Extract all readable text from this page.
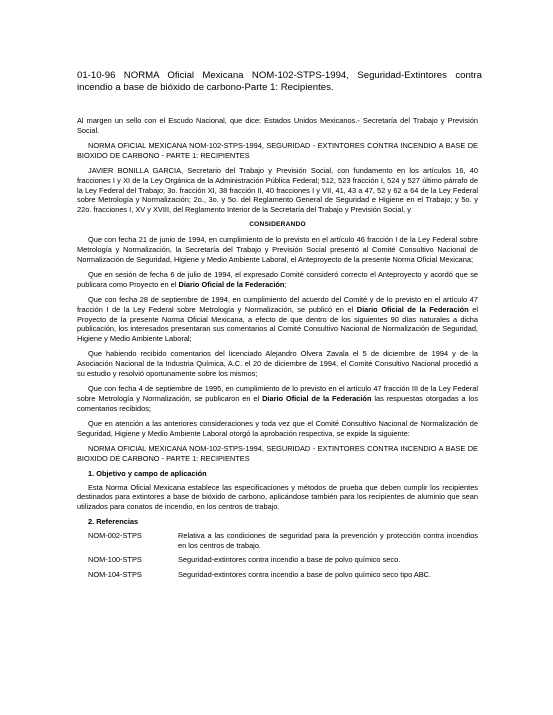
01-10-96 NORMA Oficial Mexicana NOM-102-STPS-1994, Seguridad-Extintores contra incendio a base de bióxido de carbono-Parte 1: Recipientes.

Al margen un sello con el Escudo Nacional, que dice: Estados Unidos Mexicanos.- Secretaría del Trabajo y Previsión Social.

NORMA OFICIAL MEXICANA NOM-102-STPS-1994, SEGURIDAD - EXTINTORES CONTRA INCENDIO A BASE DE BIOXIDO DE CARBONO - PARTE 1: RECIPIENTES

JAVIER BONILLA GARCIA, Secretario del Trabajo y Previsión Social, con fundamento en los artículos 16, 40 fracciones I y XI de la Ley Orgánica de la Administración Pública Federal; 512, 523 fracción I, 524 y 527 último párrafo de la Ley Federal del Trabajo; 3o. fracción XI, 38 fracción II, 40 fracciones I y VII, 41, 43 a 47, 52 y 62 a 64 de la Ley Federal sobre Metrología y Normalización; 2o., 3o. y 5o. del Reglamento General de Seguridad e Higiene en el Trabajo; y 5o. y 22o. fracciones I, XV y XVIII, del Reglamento Interior de la Secretaría del Trabajo y Previsión Social, y

CONSIDERANDO

Que con fecha 21 de junio de 1994, en cumplimiento de lo previsto en el artículo 46 fracción I de la Ley Federal sobre Metrología y Normalización, la Secretaría del Trabajo y Previsión Social presentó al Comité Consultivo Nacional de Normalización de Seguridad, Higiene y Medio Ambiente Laboral, el Anteproyecto de la presente Norma Oficial Mexicana;

Que en sesión de fecha 6 de julio de 1994, el expresado Comité consideró correcto el Anteproyecto y acordó que se publicara como Proyecto en el Diario Oficial de la Federación;

Que con fecha 28 de septiembre de 1994, en cumplimiento del acuerdo del Comité y de lo previsto en el artículo 47 fracción I de la Ley Federal sobre Metrología y Normalización, se publicó en el Diario Oficial de la Federación el Proyecto de la presente Norma Oficial Mexicana, a efecto de que dentro de los siguientes 90 días naturales a dicha publicación, los interesados presentaran sus comentarios al Comité Consultivo Nacional de Normalización de Seguridad, Higiene y Medio Ambiente Laboral;

Que habiendo recibido comentarios del licenciado Alejandro Olvera Zavala el 5 de diciembre de 1994 y de la Asociación Nacional de la Industria Química, A.C. el 20 de diciembre de 1994, el Comité Consultivo Nacional procedió a su estudio y resolvió oportunamente sobre los mismos;

Que con fecha 4 de septiembre de 1995, en cumplimiento de lo previsto en el artículo 47 fracción III de la Ley Federal sobre Metrología y Normalización, se publicaron en el Diario Oficial de la Federación las respuestas otorgadas a los comentarios recibidos;

Que en atención a las anteriores consideraciones y toda vez que el Comité Consultivo Nacional de Normalización de Seguridad, Higiene y Medio Ambiente Laboral otorgó la aprobación respectiva, se expide la siguiente:

NORMA OFICIAL MEXICANA NOM-102-STPS-1994, SEGURIDAD - EXTINTORES CONTRA INCENDIO A BASE DE BIOXIDO DE CARBONO - PARTE 1: RECIPIENTES

1. Objetivo y campo de aplicación

Esta Norma Oficial Mexicana establece las especificaciones y métodos de prueba que deben cumplir los recipientes destinados para extintores a base de bióxido de carbono, aplicándose también para los recipientes de aluminio que sean utilizados para conatos de incendio, en los centros de trabajo.

2. Referencias

NOM-002-STPS	Relativa a las condiciones de seguridad para la prevención y protección contra incendios en los centros de trabajo.
NOM-100-STPS	Seguridad-extintores contra incendio a base de polvo químico seco.
NOM-104-STPS	Seguridad-extintores contra incendio a base de polvo químico seco tipo ABC.
